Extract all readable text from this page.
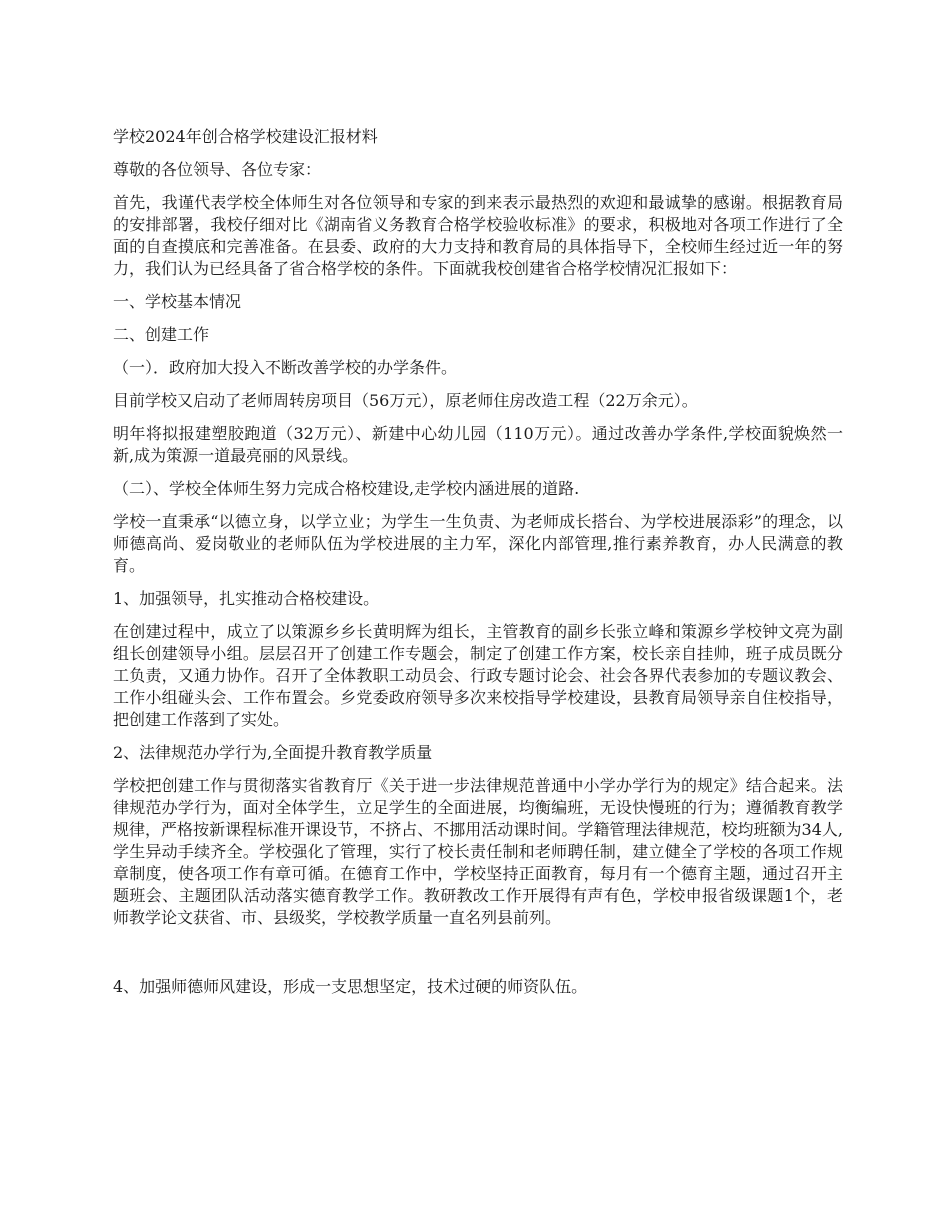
学校2024年创合格学校建设汇报材料

尊敬的各位领导、各位专家：

首先，我谨代表学校全体师生对各位领导和专家的到来表示最热烈的欢迎和最诚挚的感谢。根据教育局的安排部署，我校仔细对比《湖南省义务教育合格学校验收标准》的要求，积极地对各项工作进行了全面的自查摸底和完善准备。在县委、政府的大力支持和教育局的具体指导下，全校师生经过近一年的努力，我们认为已经具备了省合格学校的条件。下面就我校创建省合格学校情况汇报如下：

一、学校基本情况

二、创建工作

（一）．政府加大投入不断改善学校的办学条件。

目前学校又启动了老师周转房项目（56万元），原老师住房改造工程（22万余元）。

明年将拟报建塑胶跑道（32万元）、新建中心幼儿园（110万元）。通过改善办学条件,学校面貌焕然一新,成为策源一道最亮丽的风景线。

（二）、学校全体师生努力完成合格校建设,走学校内涵进展的道路.

学校一直秉承“以德立身，以学立业；为学生一生负责、为老师成长搭台、为学校进展添彩”的理念，以师德高尚、爱岗敬业的老师队伍为学校进展的主力军，深化内部管理,推行素养教育，办人民满意的教育。

1、加强领导，扎实推动合格校建设。

在创建过程中，成立了以策源乡乡长黄明辉为组长，主管教育的副乡长张立峰和策源乡学校钟文亮为副组长创建领导小组。层层召开了创建工作专题会，制定了创建工作方案，校长亲自挂帅，班子成员既分工负责，又通力协作。召开了全体教职工动员会、行政专题讨论会、社会各界代表参加的专题议教会、工作小组碰头会、工作布置会。乡党委政府领导多次来校指导学校建设，县教育局领导亲自住校指导，把创建工作落到了实处。

2、法律规范办学行为,全面提升教育教学质量

学校把创建工作与贯彻落实省教育厅《关于进一步法律规范普通中小学办学行为的规定》结合起来。法律规范办学行为，面对全体学生，立足学生的全面进展，均衡编班，无设快慢班的行为；遵循教育教学规律，严格按新课程标准开课设节，不挤占、不挪用活动课时间。学籍管理法律规范，校均班额为34人,学生异动手续齐全。学校强化了管理，实行了校长责任制和老师聘任制，建立健全了学校的各项工作规章制度，使各项工作有章可循。在德育工作中，学校坚持正面教育，每月有一个德育主题，通过召开主题班会、主题团队活动落实德育教学工作。教研教改工作开展得有声有色，学校申报省级课题1个，老师教学论文获省、市、县级奖，学校教学质量一直名列县前列。

4、加强师德师风建设，形成一支思想坚定，技术过硬的师资队伍。
